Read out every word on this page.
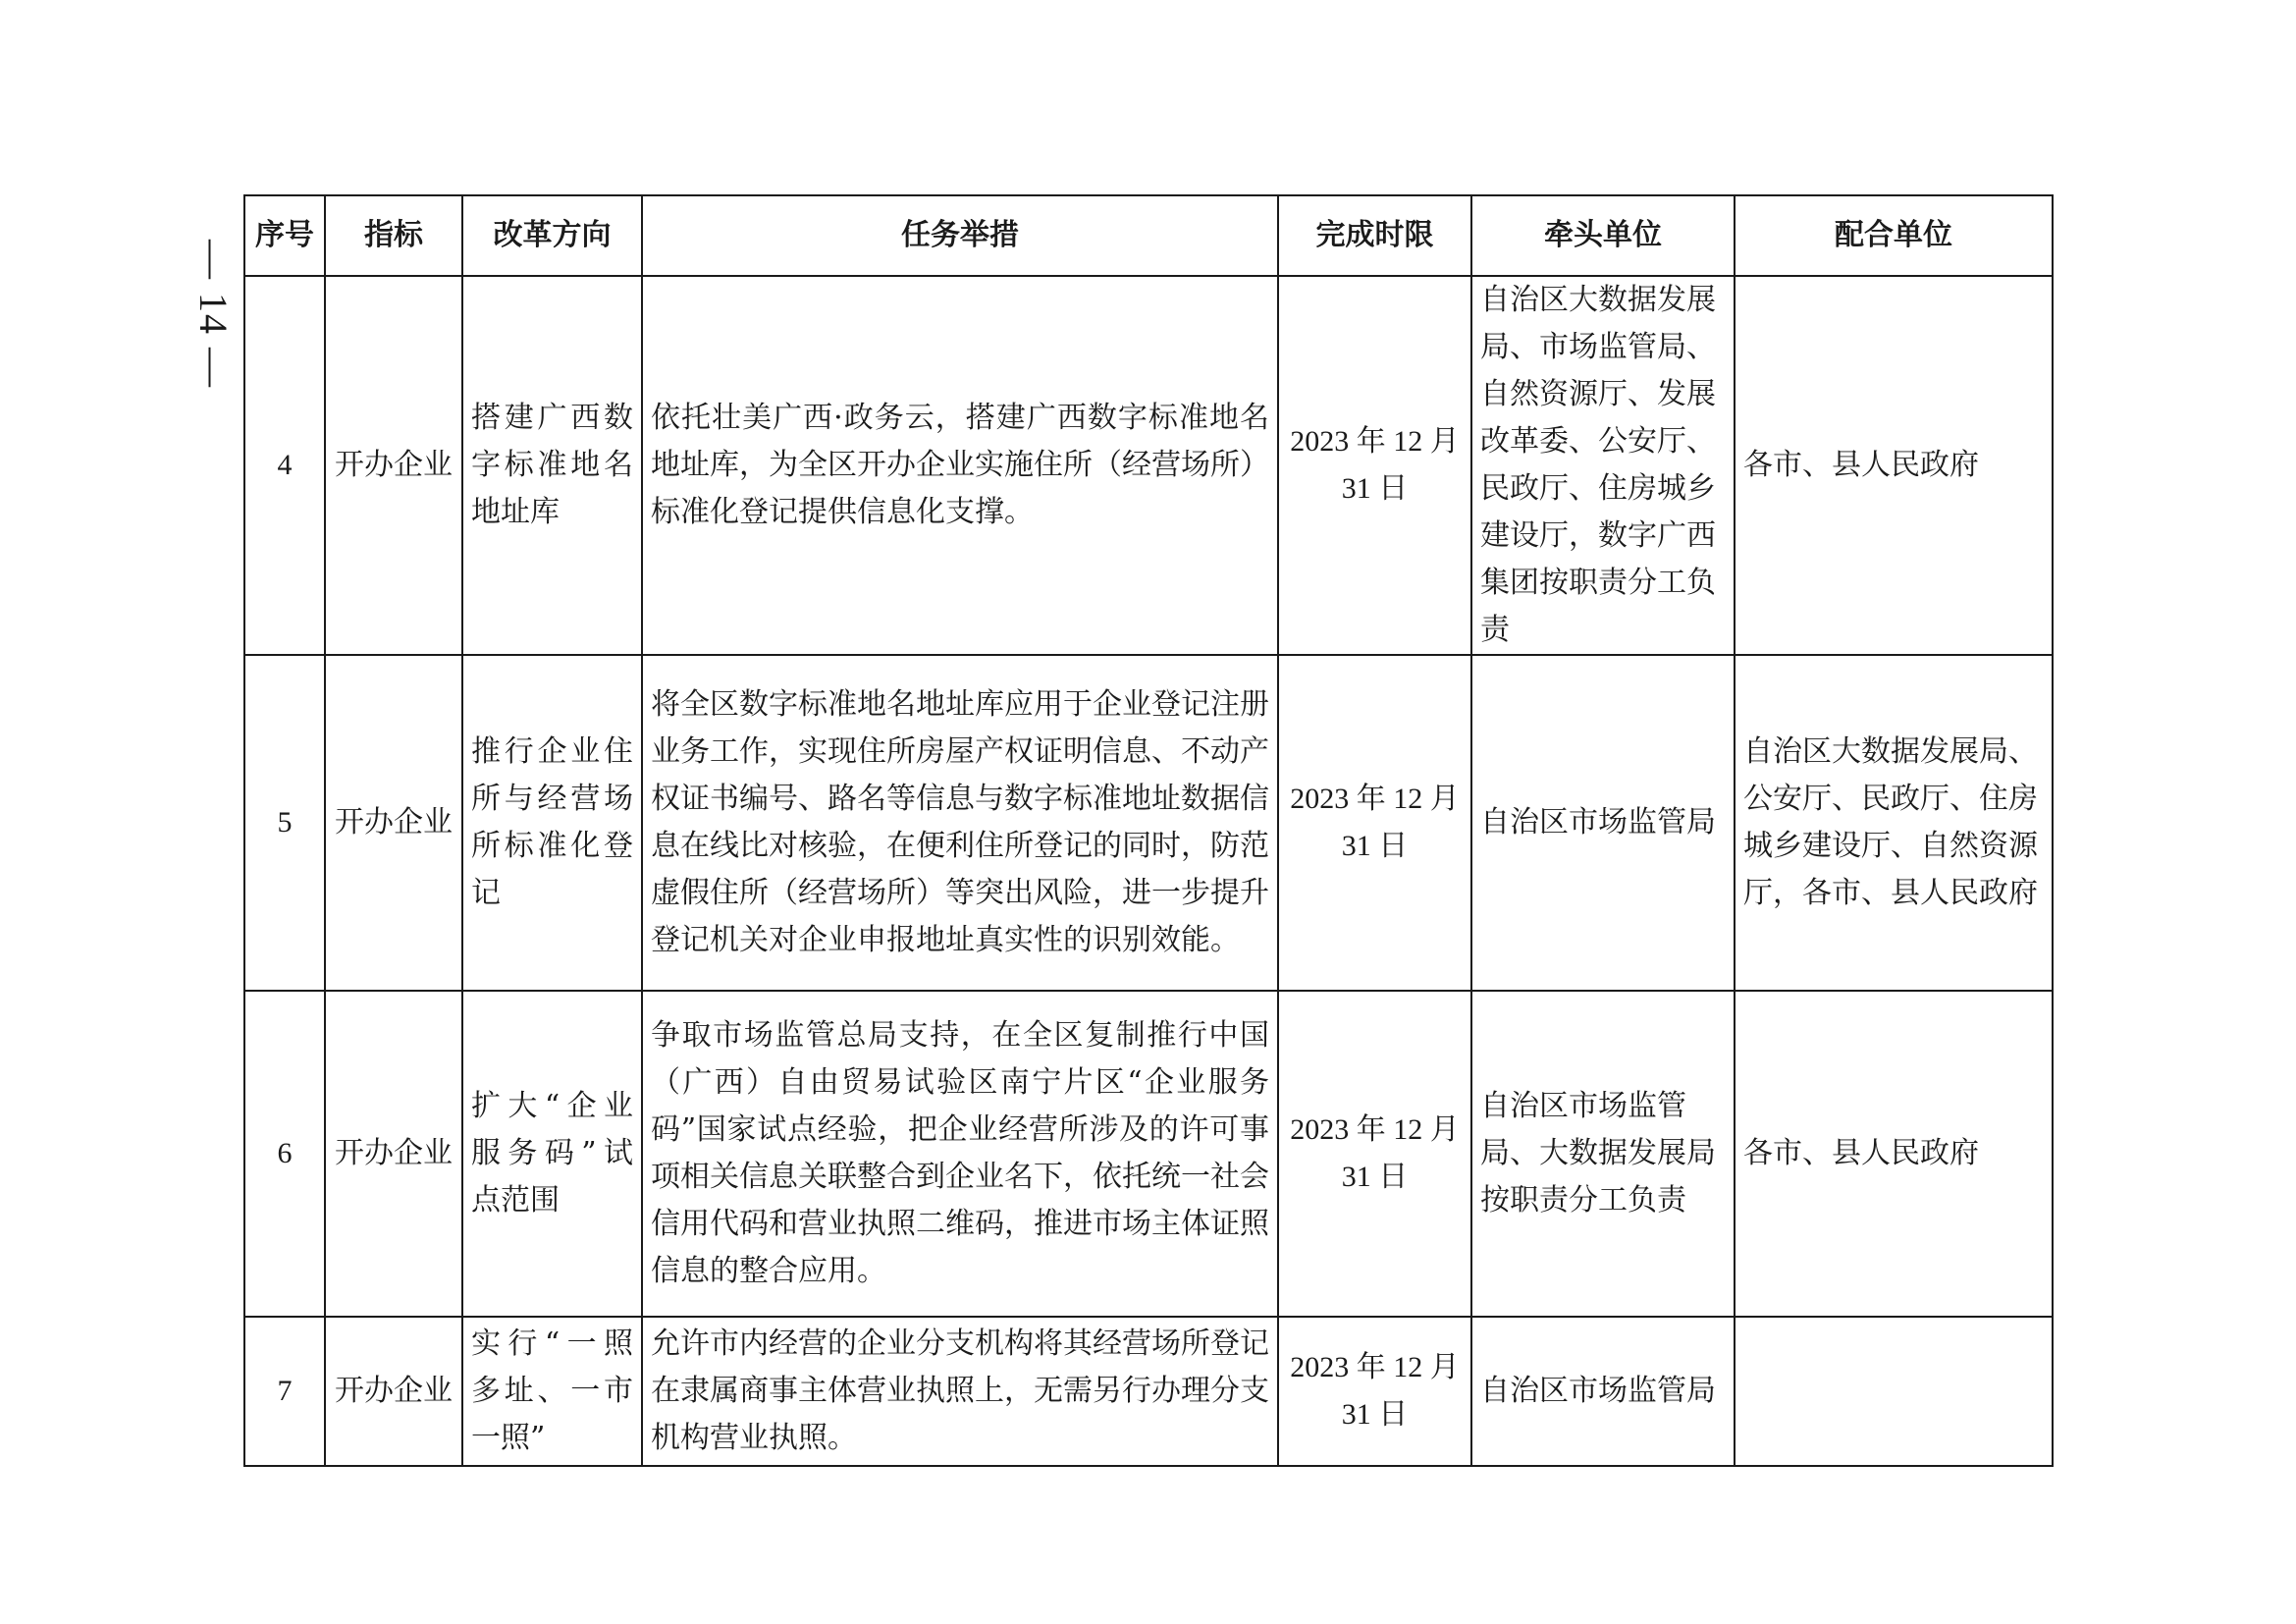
— 14 —
序号	指标	改革方向	任务举措	完成时限	牵头单位	配合单位
4	开办企业	搭建广西数字标准地名地址库	依托壮美广西·政务云，搭建广西数字标准地名地址库，为全区开办企业实施住所（经营场所）标准化登记提供信息化支撑。	2023 年 12 月 31 日	自治区大数据发展局、市场监管局、自然资源厅、发展改革委、公安厅、民政厅、住房城乡建设厅，数字广西集团按职责分工负责	各市、县人民政府
5	开办企业	推行企业住所与经营场所标准化登记	将全区数字标准地名地址库应用于企业登记注册业务工作，实现住所房屋产权证明信息、不动产权证书编号、路名等信息与数字标准地址数据信息在线比对核验，在便利住所登记的同时，防范虚假住所（经营场所）等突出风险，进一步提升登记机关对企业申报地址真实性的识别效能。	2023 年 12 月 31 日	自治区市场监管局	自治区大数据发展局、公安厅、民政厅、住房城乡建设厅、自然资源厅，各市、县人民政府
6	开办企业	扩大“企业服务码”试点范围	争取市场监管总局支持，在全区复制推行中国（广西）自由贸易试验区南宁片区“企业服务码”国家试点经验，把企业经营所涉及的许可事项相关信息关联整合到企业名下，依托统一社会信用代码和营业执照二维码，推进市场主体证照信息的整合应用。	2023 年 12 月 31 日	自治区市场监管局、大数据发展局按职责分工负责	各市、县人民政府
7	开办企业	实行“一照多址、一市一照”	允许市内经营的企业分支机构将其经营场所登记在隶属商事主体营业执照上，无需另行办理分支机构营业执照。	2023 年 12 月 31 日	自治区市场监管局	
